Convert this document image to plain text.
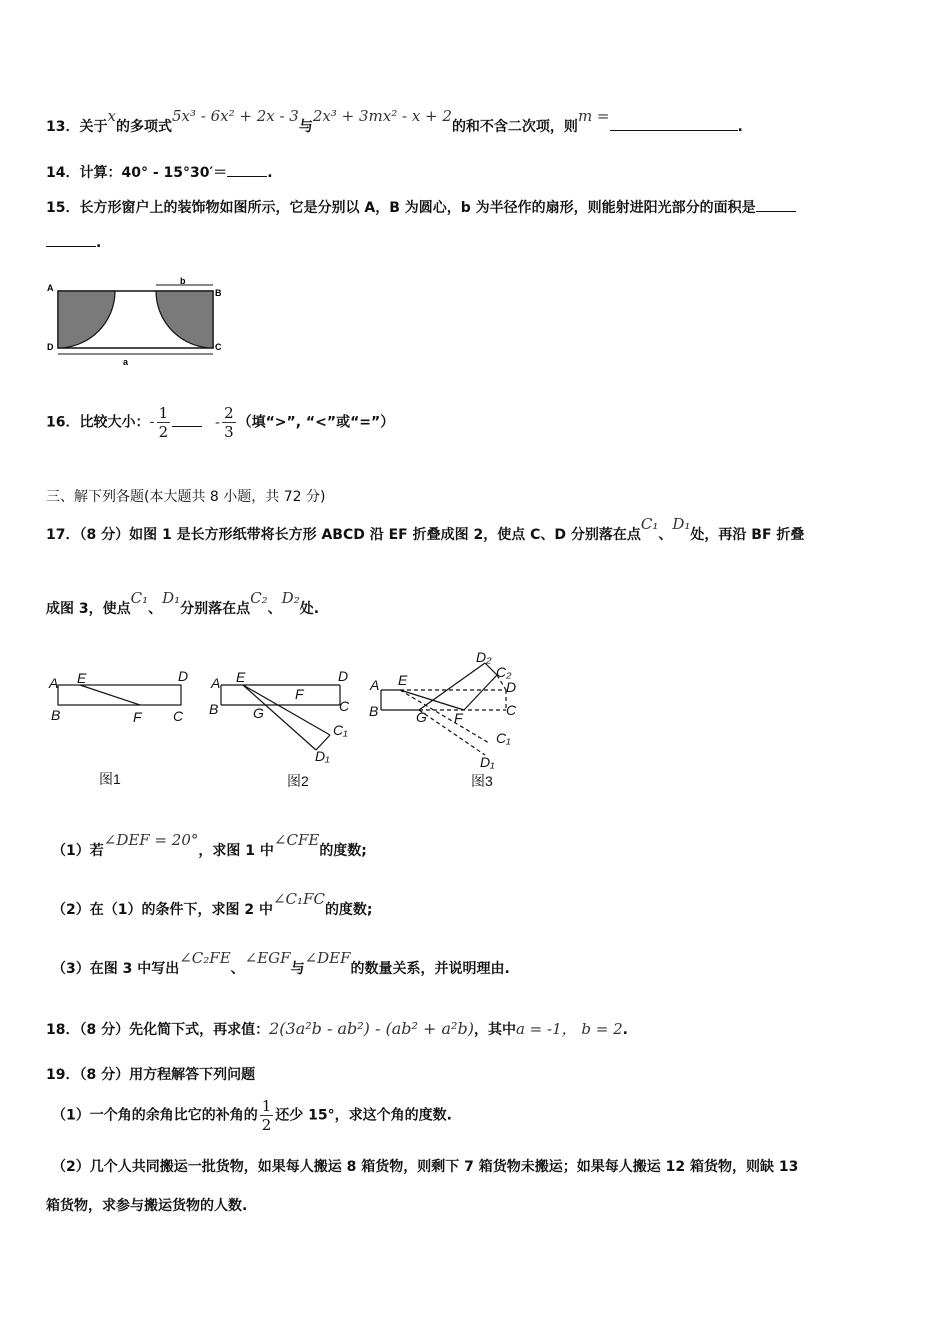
13．关于x的多项式5x³ - 6x² + 2x - 3与2x³ + 3mx² - x + 2的和不含二次项，则m =.
14．计算：40° - 15°30′＝	.
15．长方形窗户上的装饰物如图所示，它是分别以 A，B 为圆心，b 为半径作的扇形，则能射进阳光部分的面积是
.
A	B
C
D
b
a
16．比较大小：- $\frac{1}{2}$	- $\frac{2}{3}$ （填“>”, “<”或“=”）
三、解下列各题(本大题共 8 小题，共 72 分)
17．（8 分）如图 1 是长方形纸带将长方形 ABCD 沿 EF 折叠成图 2，使点 C、D 分别落在点C₁、D₁处，再沿 BF 折叠
成图 3，使点C₁、D₁分别落在点C₂、D₂处.
A E	D
B	F C
图1
A E	D
B G
F
C
C₁
D₁
图2
A E
B	G F	C
D
D₂
C₂
C₁
D₁
图3
（1）若∠DEF = 20°，求图 1 中∠CFE的度数;
（2）在（1）的条件下，求图 2 中∠C₁FC的度数;
（3）在图 3 中写出∠C₂FE、∠EGF与∠DEF的数量关系，并说明理由.
18．（8 分）先化简下式，再求值：2(3a²b - ab²) - (ab² + a²b)，其中a = -1， b = 2.
19．（8 分）用方程解答下列问题
（1）一个角的余角比它的补角的 $\frac{1}{2}$ 还少 15°，求这个角的度数.
（2）几个人共同搬运一批货物，如果每人搬运 8 箱货物，则剩下 7 箱货物未搬运；如果每人搬运 12 箱货物，则缺 13
箱货物，求参与搬运货物的人数.
